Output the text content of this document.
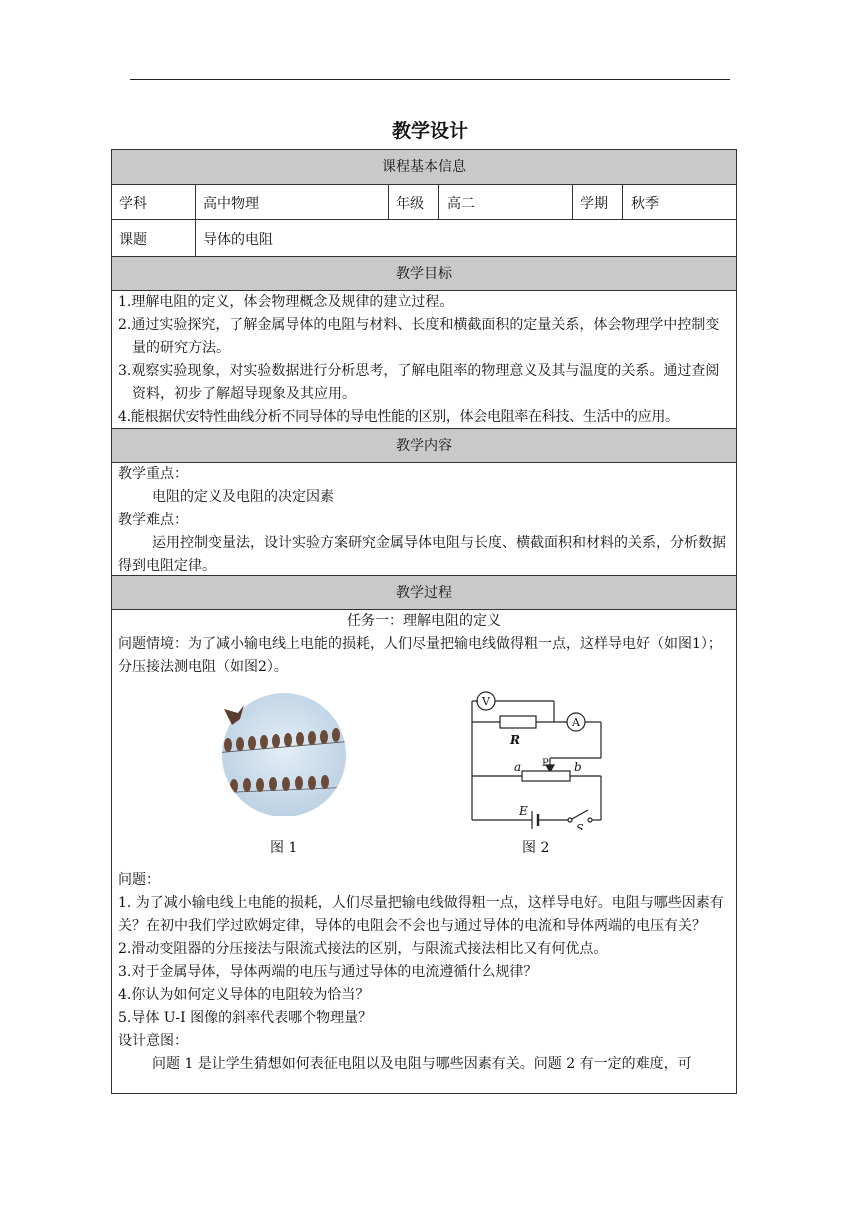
教学设计
课程基本信息
学科	高中物理	年级 高二	学期 秋季
课题	导体的电阻
教学目标

1.理解电阻的定义，体会物理概念及规律的建立过程。

2.通过实验探究，了解金属导体的电阻与材料、长度和横截面积的定量关系，体会物理学中控制变量的研究方法。

3.观察实验现象，对实验数据进行分析思考，了解电阻率的物理意义及其与温度的关系。通过查阅资料，初步了解超导现象及其应用。

4.能根据伏安特性曲线分析不同导体的导电性能的区别，体会电阻率在科技、生活中的应用。

教学内容

教学重点：

电阻的定义及电阻的决定因素

教学难点：

运用控制变量法，设计实验方案研究金属导体电阻与长度、横截面积和材料的关系，分析数据得到电阻定律。

教学过程

任务一：理解电阻的定义

问题情境：为了减小输电线上电能的损耗，人们尽量把输电线做得粗一点，这样导电好（如图1）；分压接法测电阻（如图2）。

V
A
R
P
a	b
E
S
图 1	图 2

问题：

1. 为了减小输电线上电能的损耗，人们尽量把输电线做得粗一点，这样导电好。电阻与哪些因素有关？在初中我们学过欧姆定律，导体的电阻会不会也与通过导体的电流和导体两端的电压有关？

2.滑动变阻器的分压接法与限流式接法的区别，与限流式接法相比又有何优点。

3.对于金属导体，导体两端的电压与通过导体的电流遵循什么规律？

4.你认为如何定义导体的电阻较为恰当？

5.导体 U-I 图像的斜率代表哪个物理量？

设计意图：

问题 1 是让学生猜想如何表征电阻以及电阻与哪些因素有关。问题 2 有一定的难度，可
